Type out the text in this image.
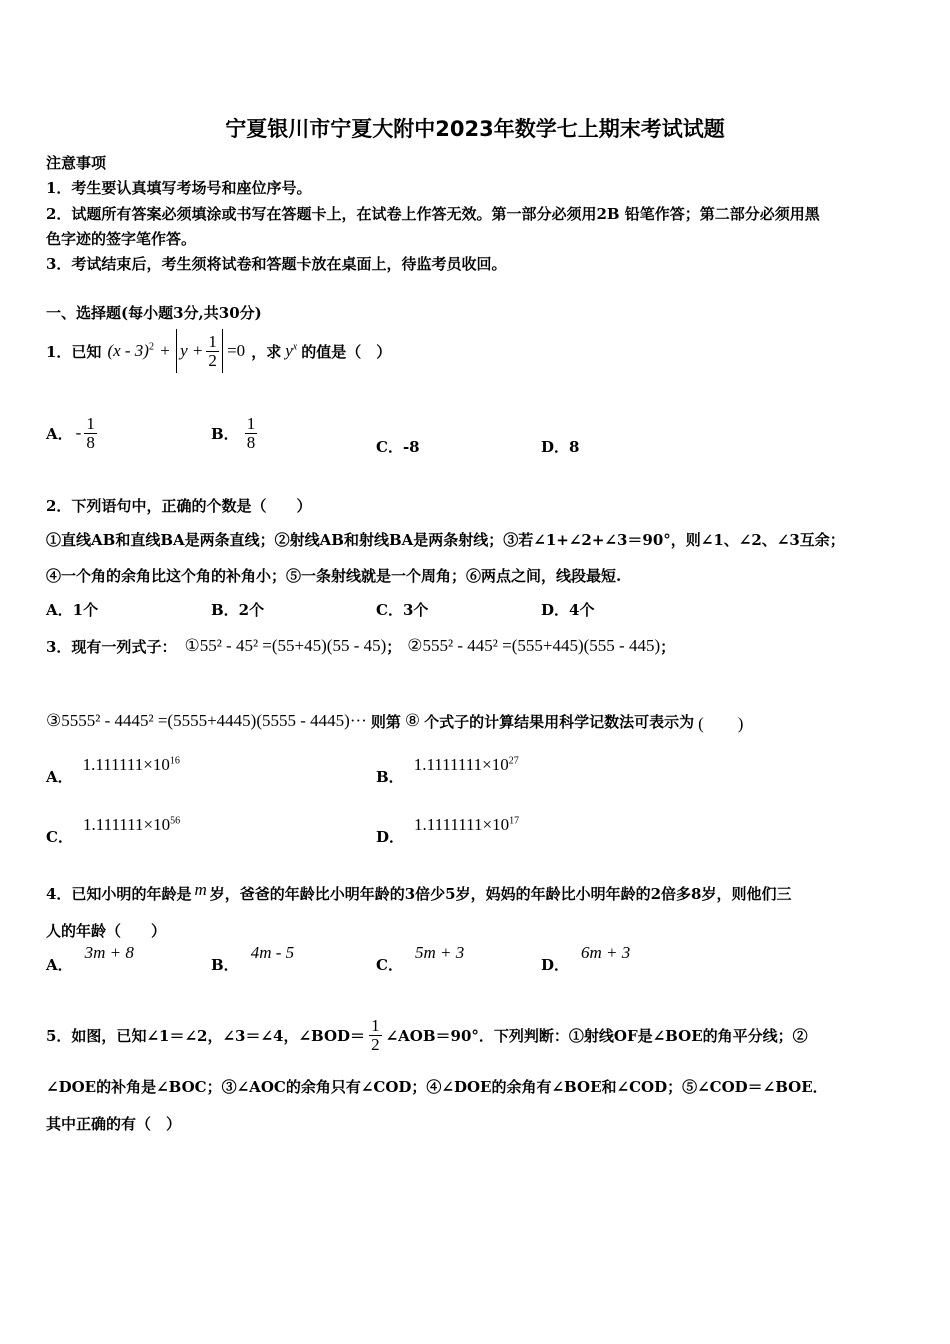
宁夏银川市宁夏大附中2023年数学七上期末考试试题
注意事项
1．考生要认真填写考场号和座位序号。
2．试题所有答案必须填涂或书写在答题卡上，在试卷上作答无效。第一部分必须用2B 铅笔作答；第二部分必须用黑
色字迹的签字笔作答。
3．考试结束后，考生须将试卷和答题卡放在桌面上，待监考员收回。
一、选择题(每小题3分,共30分)
1．已知 $(x - 3)^2 + y + \frac{1}{2} =0$ ，求 $y^x$ 的值是（　）
A． - $\frac{1}{8}$	B． $\frac{1}{8}$	C．-8	D．8
2．下列语句中，正确的个数是（　　）
①直线AB和直线BA是两条直线；②射线AB和射线BA是两条射线；③若∠1+∠2+∠3＝90°，则∠1、∠2、∠3互余；
④一个角的余角比这个角的补角小；⑤一条射线就是一个周角；⑥两点之间，线段最短.
A．1个	B．2个	C．3个	D．4个
3．现有一列式子： ①55² - 45² =(55+45)(55 - 45) ； ②555² - 445² =(555+445)(555 - 445) ；
③5555² - 4445² =(5555+4445)(5555 - 4445)··· 则第 ⑧ 个式子的计算结果用科学记数法可表示为 (　　)
A．
$1.111111\times 10^{16}$
B．
$1.1111111\times 10^{27}$
C．
$1.111111\times 10^{56}$
D．
$1.1111111\times 10^{17}$
4．已知小明的年龄是 m 岁，爸爸的年龄比小明年龄的3倍少5岁，妈妈的年龄比小明年龄的2倍多8岁，则他们三
人的年龄（　　）
A．
3m + 8
B．
4m - 5
C．
5m + 3
D．
6m + 3
5．如图，已知∠1＝∠2，∠3＝∠4，∠BOD＝ $\frac{1}{2}$ ∠AOB＝90°．下列判断：①射线OF是∠BOE的角平分线；②
∠DOE的补角是∠BOC；③∠AOC的余角只有∠COD；④∠DOE的余角有∠BOE和∠COD；⑤∠COD＝∠BOE．
其中正确的有（　）
